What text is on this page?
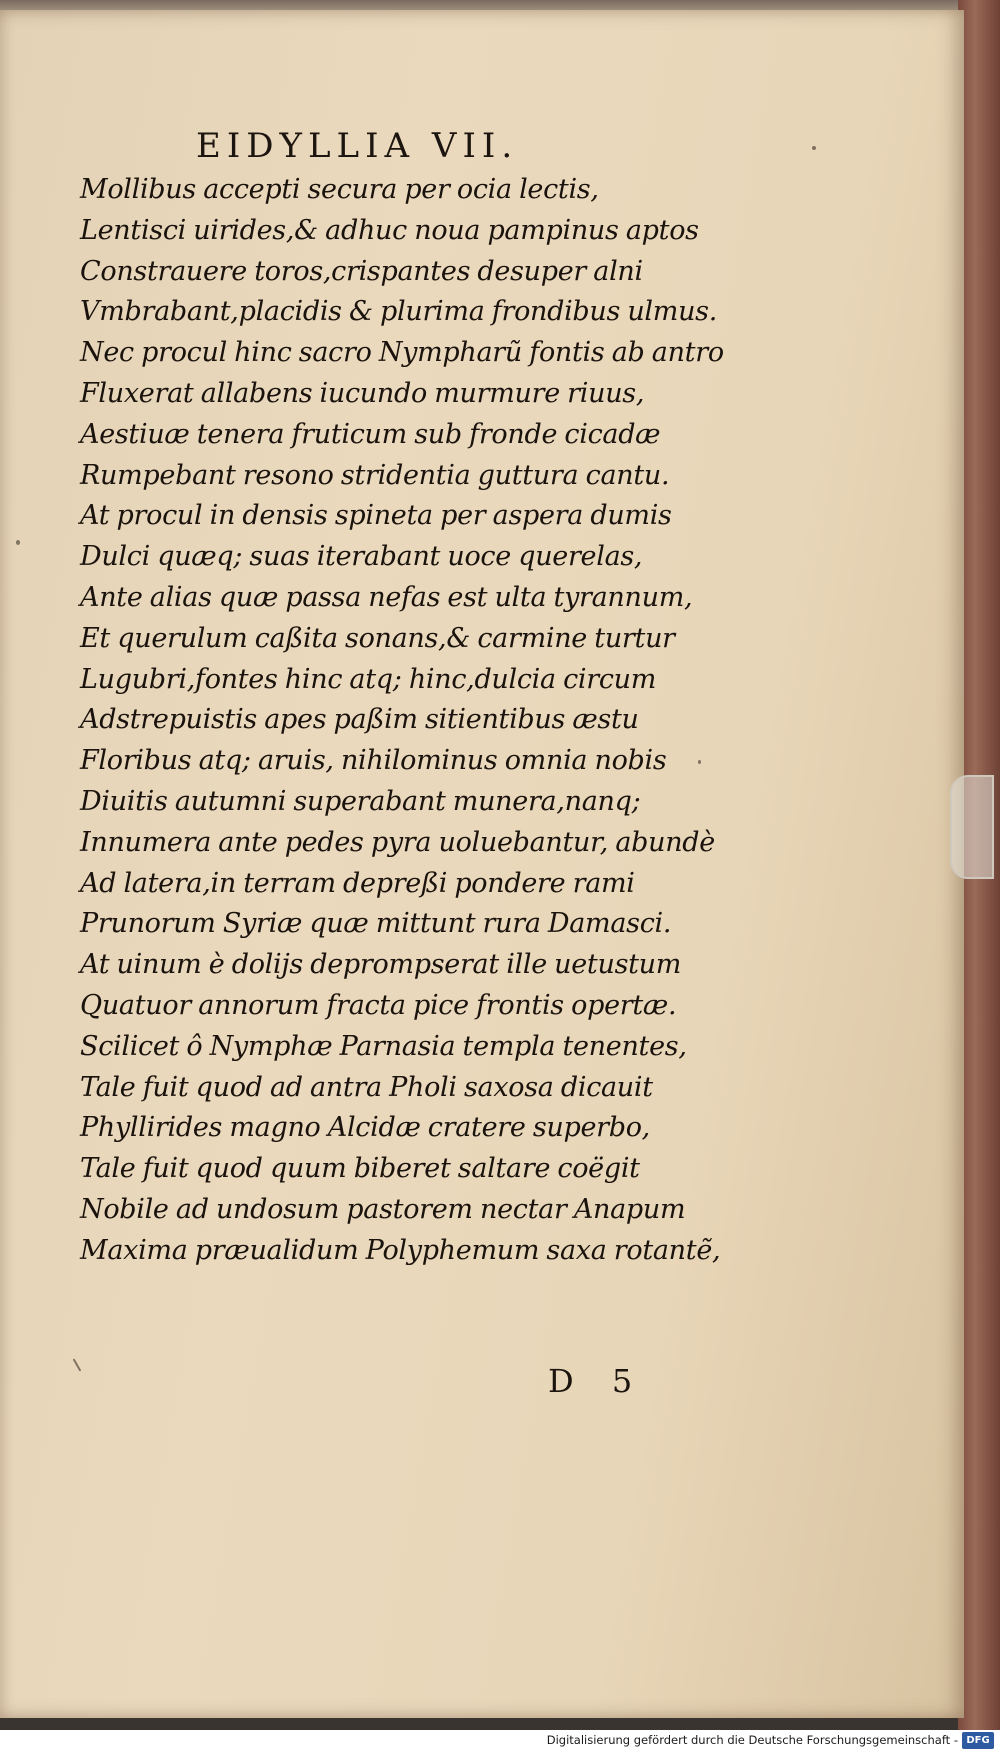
EIDYLLIA VII.
Mollibus accepti secura per ocia lectis,
Lentisci uirides,& adhuc noua pampinus aptos
Constrauere toros,crispantes desuper alni
Vmbrabant,placidis & plurima frondibus ulmus.
Nec procul hinc sacro Nympharũ fontis ab antro
Fluxerat allabens iucundo murmure riuus,
Aestiuæ tenera fruticum sub fronde cicadæ
Rumpebant resono stridentia guttura cantu.
At procul in densis spineta per aspera dumis
Dulci quæq; suas iterabant uoce querelas,
Ante alias quæ passa nefas est ulta tyrannum,
Et querulum caßita sonans,& carmine turtur
Lugubri,fontes hinc atq; hinc,dulcia circum
Adstrepuistis apes paßim sitientibus æstu
Floribus atq; aruis, nihilominus omnia nobis
Diuitis autumni superabant munera,nanq;
Innumera ante pedes pyra uoluebantur, abundè
Ad latera,in terram depreßi pondere rami
Prunorum Syriæ quæ mittunt rura Damasci.
At uinum è dolijs deprompserat ille uetustum
Quatuor annorum fracta pice frontis opertæ.
Scilicet ô Nymphæ Parnasia templa tenentes,
Tale fuit quod ad antra Pholi saxosa dicauit
Phyllirides magno Alcidæ cratere superbo,
Tale fuit quod quum biberet saltare coëgit
Nobile ad undosum pastorem nectar Anapum
Maxima præualidum Polyphemum saxa rotantẽ,
D 5
Digitalisierung gefördert durch die Deutsche Forschungsgemeinschaft - DFG
